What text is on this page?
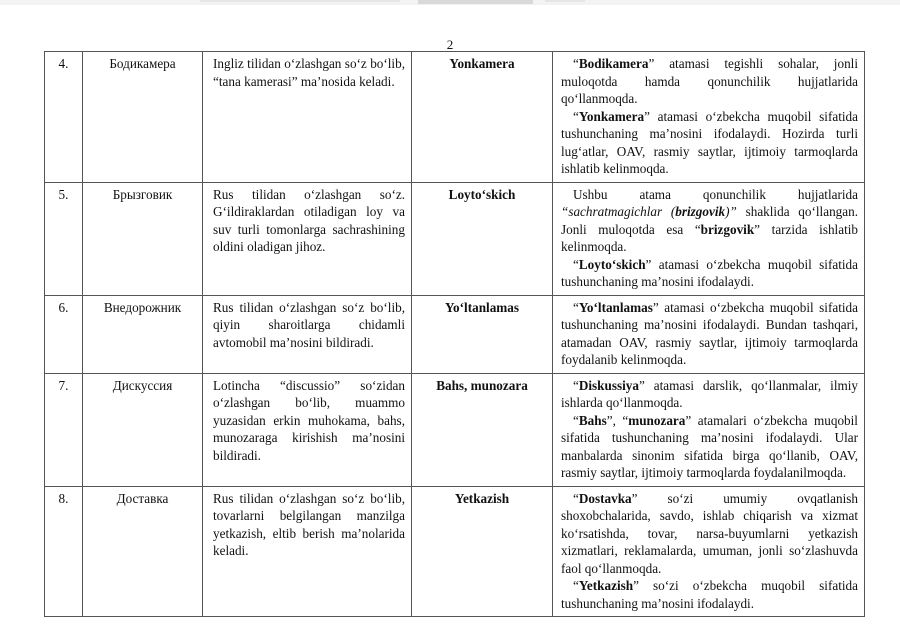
2
4.	Бодикамера	Ingliz tilidan o‘zlashgan so‘z bo‘lib, “tana kamerasi” ma’nosida keladi.	Yonkamera	“Bodikamera” atamasi tegishli sohalar, jonli muloqotda hamda qonunchilik hujjatlarida qo‘llanmoqda.

“Yonkamera” atamasi o‘zbekcha muqobil sifatida tushunchaning ma’nosini ifodalaydi. Hozirda turli lug‘atlar, OAV, rasmiy saytlar, ijtimoiy tarmoqlarda ishlatib kelinmoqda.

5.	Брызговик	Rus tilidan o‘zlashgan so‘z. G‘ildiraklardan otiladigan loy va suv turli tomonlarga sachrashining oldini oladigan jihoz.	Loyto‘skich	Ushbu atama qonunchilik hujjatlarida “sachratmagichlar (brizgovik)” shaklida qo‘llangan. Jonli muloqotda esa “brizgovik” tarzida ishlatib kelinmoqda.

“Loyto‘skich” atamasi o‘zbekcha muqobil sifatida tushunchaning ma’nosini ifodalaydi.

6.	Внедорожник	Rus tilidan o‘zlashgan so‘z bo‘lib, qiyin sharoitlarga chidamli avtomobil ma’nosini bildiradi.	Yo‘ltanlamas	“Yo‘ltanlamas” atamasi o‘zbekcha muqobil sifatida tushunchaning ma’nosini ifodalaydi. Bundan tashqari, atamadan OAV, rasmiy saytlar, ijtimoiy tarmoqlarda foydalanib kelinmoqda.

7.	Дискуссия	Lotincha “discussio” so‘zidan o‘zlashgan bo‘lib, muammo yuzasidan erkin muhokama, bahs, munozaraga kirishish ma’nosini bildiradi.	Bahs, munozara	“Diskussiya” atamasi darslik, qo‘llanmalar, ilmiy ishlarda qo‘llanmoqda.

“Bahs”, “munozara” atamalari o‘zbekcha muqobil sifatida tushunchaning ma’nosini ifodalaydi. Ular manbalarda sinonim sifatida birga qo‘llanib, OAV, rasmiy saytlar, ijtimoiy tarmoqlarda foydalanilmoqda.

8.	Доставка	Rus tilidan o‘zlashgan so‘z bo‘lib, tovarlarni belgilangan manzilga yetkazish, eltib berish ma’nolarida keladi.	Yetkazish	“Dostavka” so‘zi umumiy ovqatlanish shoxobchalarida, savdo, ishlab chiqarish va xizmat ko‘rsatishda, tovar, narsa-buyumlarni yetkazish xizmatlari, reklamalarda, umuman, jonli so‘zlashuvda faol qo‘llanmoqda.

“Yetkazish” so‘zi o‘zbekcha muqobil sifatida tushunchaning ma’nosini ifodalaydi.
